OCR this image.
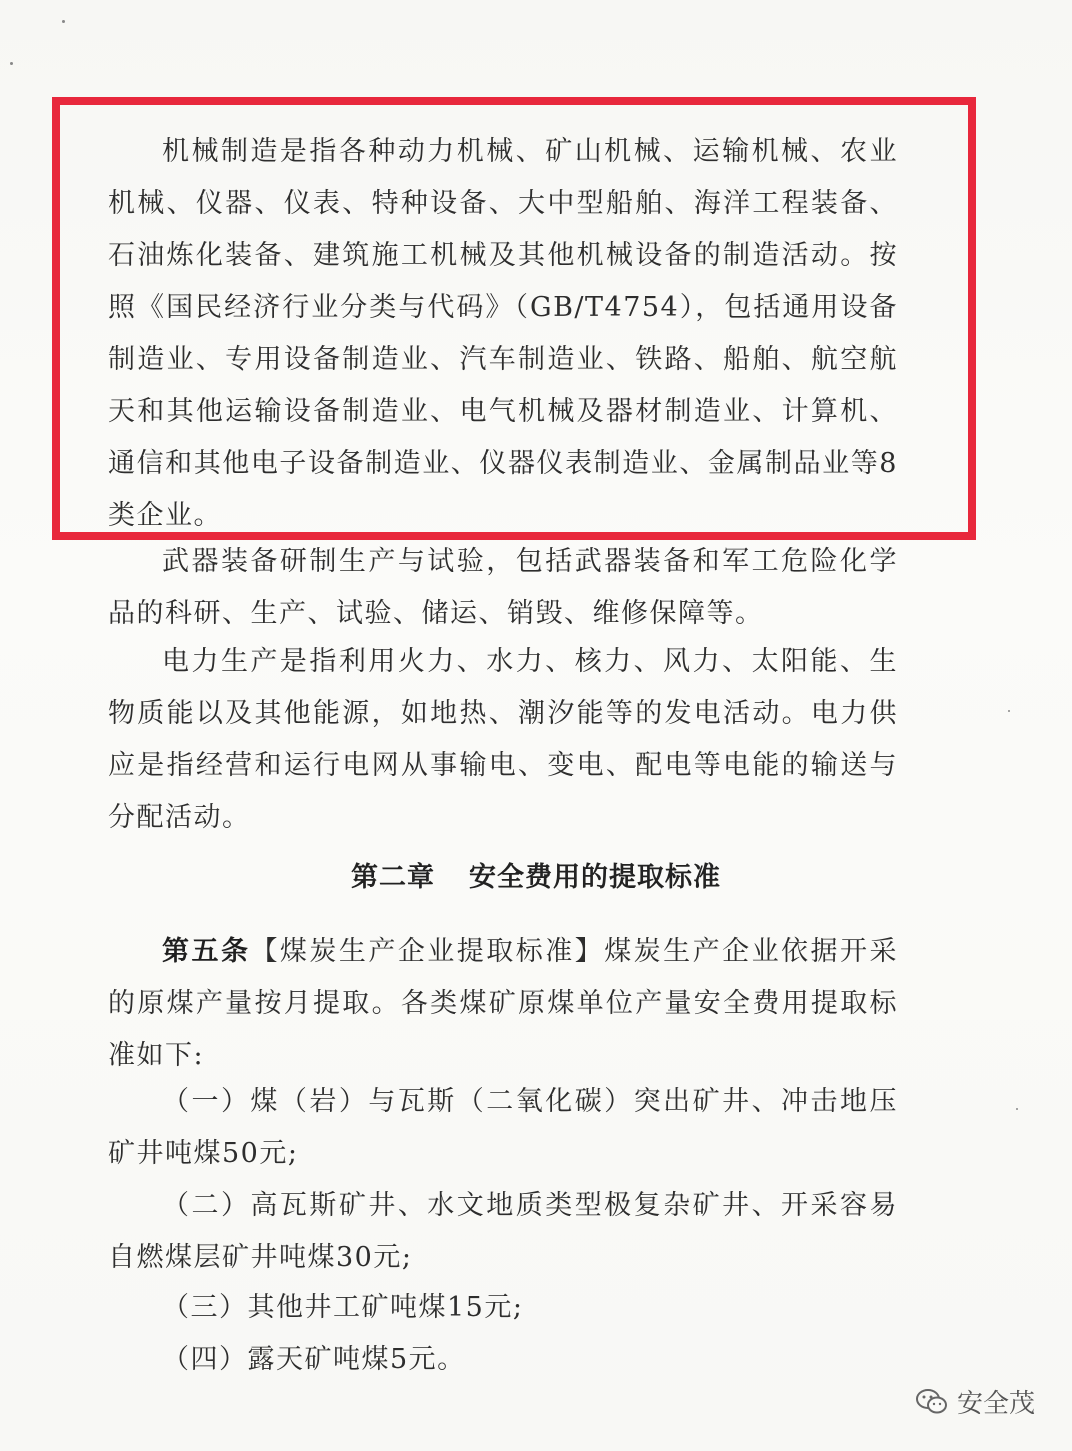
机械制造是指各种动力机械、矿山机械、运输机械、农业机械、仪器、仪表、特种设备、大中型船舶、海洋工程装备、石油炼化装备、建筑施工机械及其他机械设备的制造活动。按照《国民经济行业分类与代码》（GB/T4754），包括通用设备制造业、专用设备制造业、汽车制造业、铁路、船舶、航空航天和其他运输设备制造业、电气机械及器材制造业、计算机、通信和其他电子设备制造业、仪器仪表制造业、金属制品业等8类企业。

武器装备研制生产与试验，包括武器装备和军工危险化学品的科研、生产、试验、储运、销毁、维修保障等。

电力生产是指利用火力、水力、核力、风力、太阳能、生物质能以及其他能源，如地热、潮汐能等的发电活动。电力供应是指经营和运行电网从事输电、变电、配电等电能的输送与分配活动。

第二章 安全费用的提取标准

第五条【煤炭生产企业提取标准】煤炭生产企业依据开采的原煤产量按月提取。各类煤矿原煤单位产量安全费用提取标准如下:

（一）煤（岩）与瓦斯（二氧化碳）突出矿井、冲击地压矿井吨煤50元;

（二）高瓦斯矿井、水文地质类型极复杂矿井、开采容易自燃煤层矿井吨煤30元;

（三）其他井工矿吨煤15元;

（四）露天矿吨煤5元。

安全茂
